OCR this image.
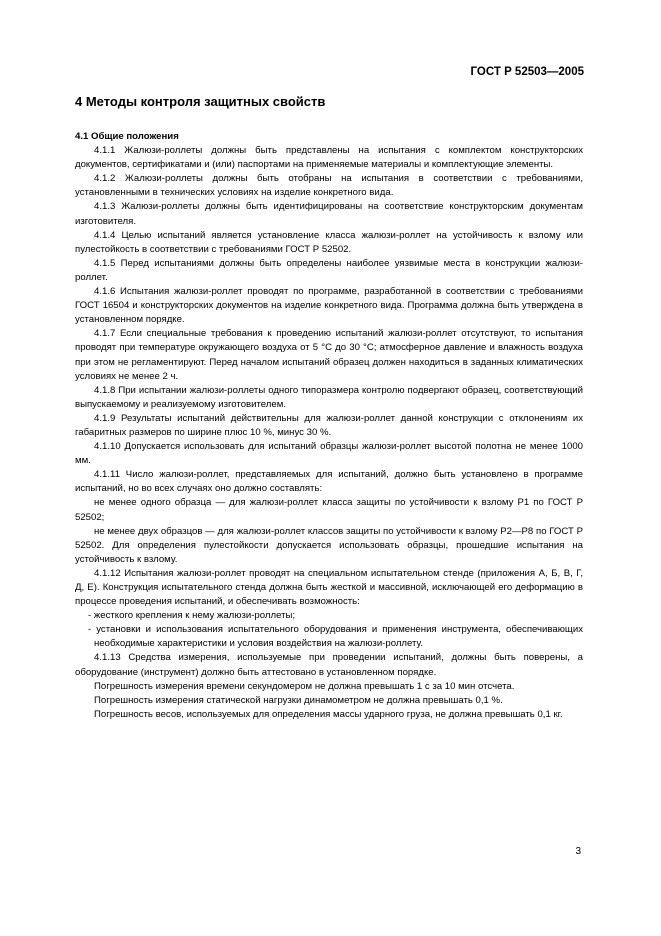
ГОСТ Р 52503—2005
4 Методы контроля защитных свойств

4.1 Общие положения

4.1.1 Жалюзи-роллеты должны быть представлены на испытания с комплектом конструкторских документов, сертификатами и (или) паспортами на применяемые материалы и комплектующие элементы.

4.1.2 Жалюзи-роллеты должны быть отобраны на испытания в соответствии с требованиями, установленными в технических условиях на изделие конкретного вида.

4.1.3 Жалюзи-роллеты должны быть идентифицированы на соответствие конструкторским документам изготовителя.

4.1.4 Целью испытаний является установление класса жалюзи-роллет на устойчивость к взлому или пулестойкость в соответствии с требованиями ГОСТ Р 52502.

4.1.5 Перед испытаниями должны быть определены наиболее уязвимые места в конструкции жалюзи-роллет.

4.1.6 Испытания жалюзи-роллет проводят по программе, разработанной в соответствии с требованиями ГОСТ 16504 и конструкторских документов на изделие конкретного вида. Программа должна быть утверждена в установленном порядке.

4.1.7 Если специальные требования к проведению испытаний жалюзи-роллет отсутствуют, то испытания проводят при температуре окружающего воздуха от 5 °С до 30 °С; атмосферное давление и влажность воздуха при этом не регламентируют. Перед началом испытаний образец должен находиться в заданных климатических условиях не менее 2 ч.

4.1.8 При испытании жалюзи-роллеты одного типоразмера контролю подвергают образец, соответствующий выпускаемому и реализуемому изготовителем.

4.1.9 Результаты испытаний действительны для жалюзи-роллет данной конструкции с отклонениям их габаритных размеров по ширине плюс 10 %, минус 30 %.

4.1.10 Допускается использовать для испытаний образцы жалюзи-роллет высотой полотна не менее 1000 мм.

4.1.11 Число жалюзи-роллет, представляемых для испытаний, должно быть установлено в программе испытаний, но во всех случаях оно должно составлять:

не менее одного образца — для жалюзи-роллет класса защиты по устойчивости к взлому Р1 по ГОСТ Р 52502;

не менее двух образцов — для жалюзи-роллет классов защиты по устойчивости к взлому Р2—Р8 по ГОСТ Р 52502. Для определения пулестойкости допускается использовать образцы, прошедшие испытания на устойчивость к взлому.

4.1.12 Испытания жалюзи-роллет проводят на специальном испытательном стенде (приложения А, Б, В, Г, Д, Е). Конструкция испытательного стенда должна быть жесткой и массивной, исключающей его деформацию в процессе проведения испытаний, и обеспечивать возможность:

- жесткого крепления к нему жалюзи-роллеты;

- установки и использования испытательного оборудования и применения инструмента, обеспечивающих необходимые характеристики и условия воздействия на жалюзи-роллету.

4.1.13 Средства измерения, используемые при проведении испытаний, должны быть поверены, а оборудование (инструмент) должно быть аттестовано в установленном порядке.

Погрешность измерения времени секундомером не должна превышать 1 с за 10 мин отсчета.

Погрешность измерения статической нагрузки динамометром не должна превышать 0,1 %.

Погрешность весов, используемых для определения массы ударного груза, не должна превышать 0,1 кг.

3
